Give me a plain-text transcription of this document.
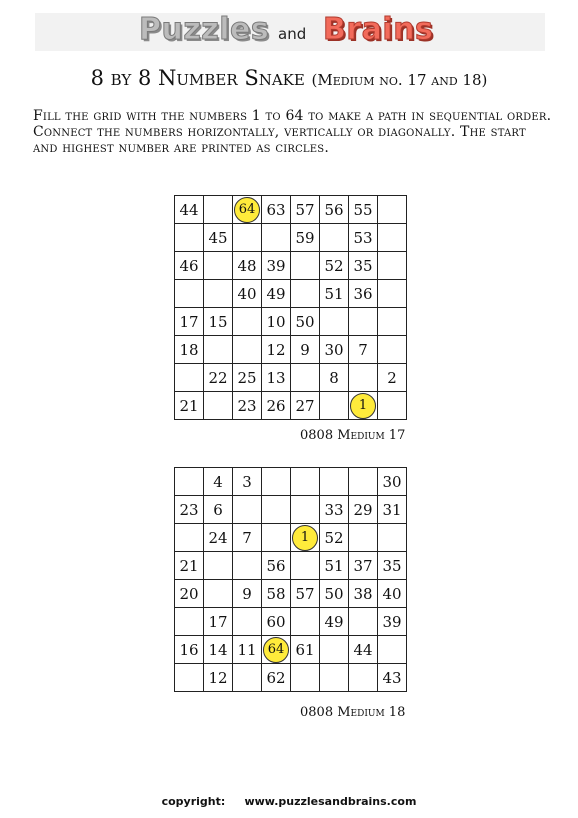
Puzzles and Brains
8 by 8 Number Snake (Medium no. 17 and 18)
Fill the grid with the numbers 1 to 64 to make a path in sequential order. Connect the numbers horizontally, vertically or diagonally. The start and highest number are printed as circles.
44		64	63	57	56	55	
	45			59		53	
46		48	39		52	35	
		40	49		51	36	
17	15		10	50			
18			12	9	30	7	
	22	25	13		8		2
21		23	26	27		1	
0808 Medium 17
	4	3					30
23	6				33	29	31
	24	7		1	52		
21			56		51	37	35
20		9	58	57	50	38	40
	17		60		49		39
16	14	11	64	61		44	
	12		62				43
0808 Medium 18
copyright: www.puzzlesandbrains.com
